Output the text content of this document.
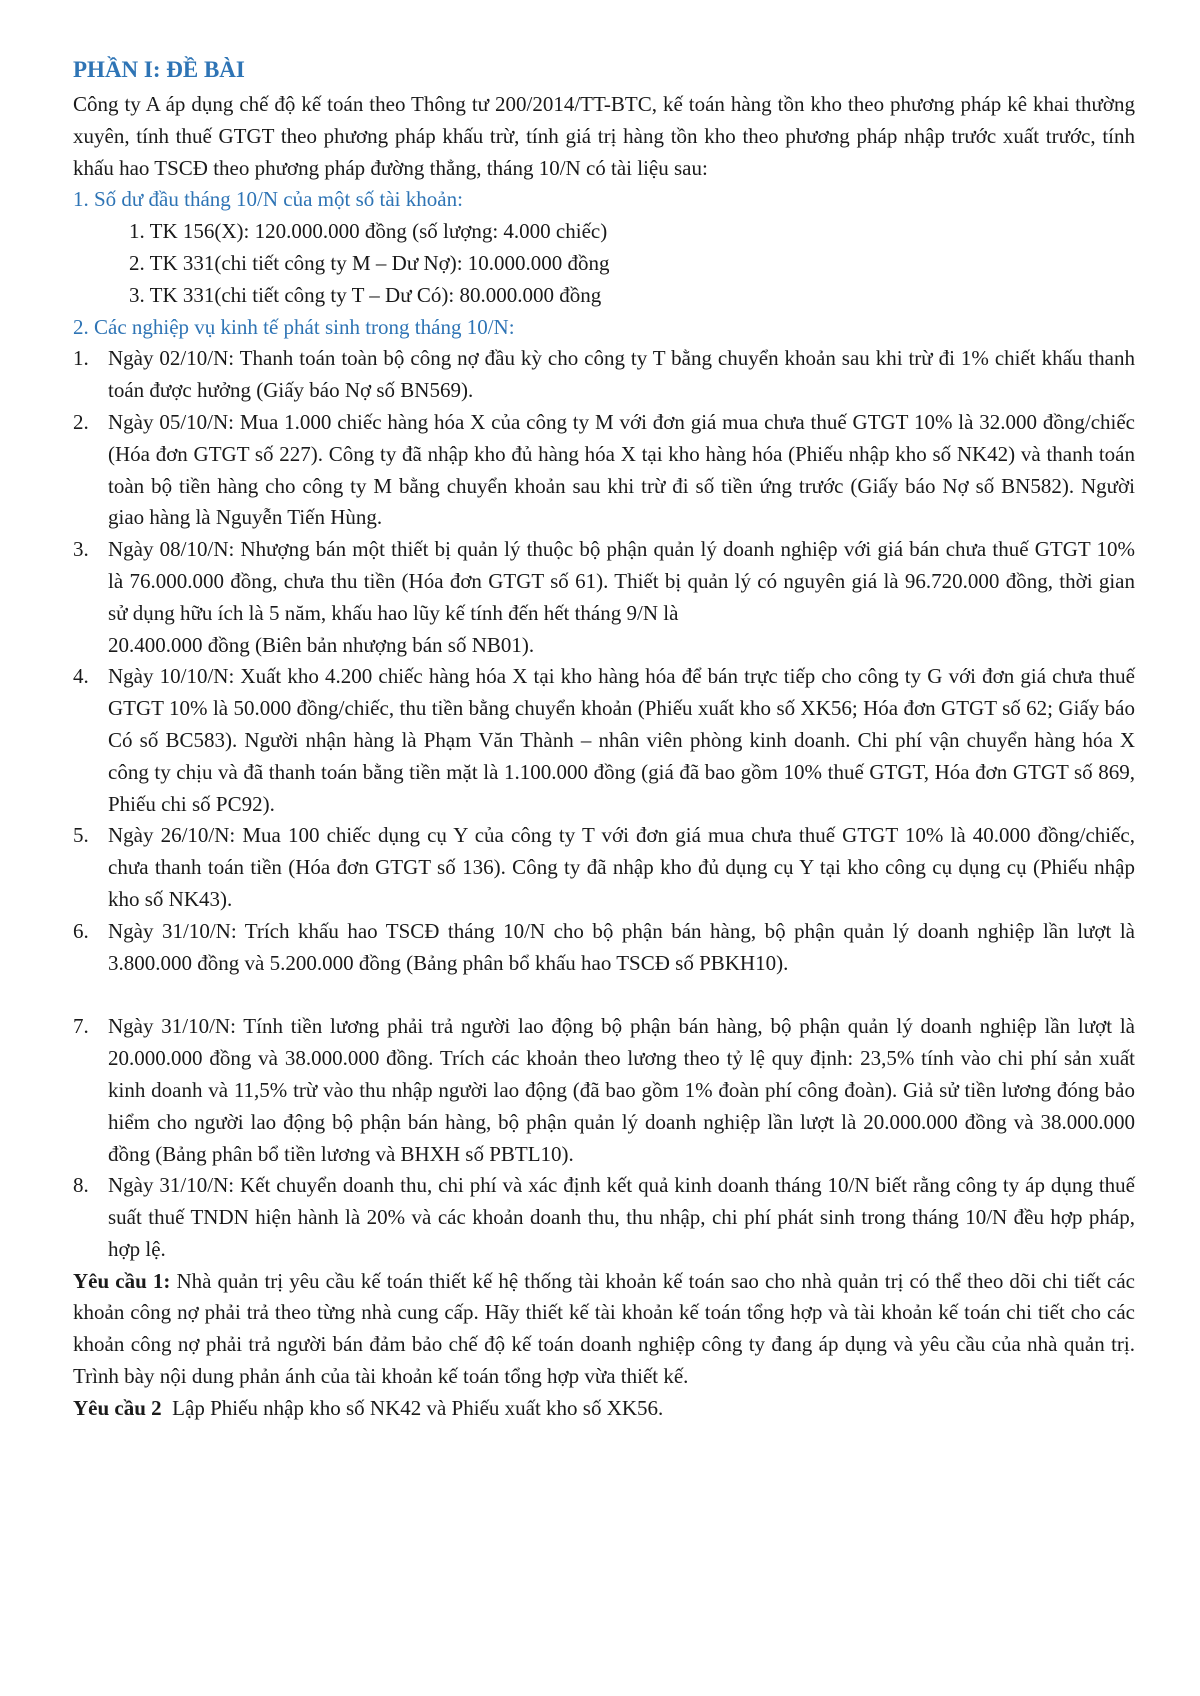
PHẦN I: ĐỀ BÀI

Công ty A áp dụng chế độ kế toán theo Thông tư 200/2014/TT-BTC, kế toán hàng tồn kho theo phương pháp kê khai thường xuyên, tính thuế GTGT theo phương pháp khấu trừ, tính giá trị hàng tồn kho theo phương pháp nhập trước xuất trước, tính khấu hao TSCĐ theo phương pháp đường thẳng, tháng 10/N có tài liệu sau:

1. Số dư đầu tháng 10/N của một số tài khoản:
1. TK 156(X): 120.000.000 đồng (số lượng: 4.000 chiếc)
2. TK 331(chi tiết công ty M – Dư Nợ): 10.000.000 đồng
3. TK 331(chi tiết công ty T – Dư Có): 80.000.000 đồng
2. Các nghiệp vụ kinh tế phát sinh trong tháng 10/N:
1. Ngày 02/10/N: Thanh toán toàn bộ công nợ đầu kỳ cho công ty T bằng chuyển khoản sau khi trừ đi 1% chiết khấu thanh toán được hưởng (Giấy báo Nợ số BN569).
2. Ngày 05/10/N: Mua 1.000 chiếc hàng hóa X của công ty M với đơn giá mua chưa thuế GTGT 10% là 32.000 đồng/chiếc (Hóa đơn GTGT số 227). Công ty đã nhập kho đủ hàng hóa X tại kho hàng hóa (Phiếu nhập kho số NK42) và thanh toán toàn bộ tiền hàng cho công ty M bằng chuyển khoản sau khi trừ đi số tiền ứng trước (Giấy báo Nợ số BN582). Người giao hàng là Nguyễn Tiến Hùng.
3. Ngày 08/10/N: Nhượng bán một thiết bị quản lý thuộc bộ phận quản lý doanh nghiệp với giá bán chưa thuế GTGT 10% là 76.000.000 đồng, chưa thu tiền (Hóa đơn GTGT số 61). Thiết bị quản lý có nguyên giá là 96.720.000 đồng, thời gian sử dụng hữu ích là 5 năm, khấu hao lũy kế tính đến hết tháng 9/N là
20.400.000 đồng (Biên bản nhượng bán số NB01).
4. Ngày 10/10/N: Xuất kho 4.200 chiếc hàng hóa X tại kho hàng hóa để bán trực tiếp cho công ty G với đơn giá chưa thuế GTGT 10% là 50.000 đồng/chiếc, thu tiền bằng chuyển khoản (Phiếu xuất kho số XK56; Hóa đơn GTGT số 62; Giấy báo Có số BC583). Người nhận hàng là Phạm Văn Thành – nhân viên phòng kinh doanh. Chi phí vận chuyển hàng hóa X công ty chịu và đã thanh toán bằng tiền mặt là 1.100.000 đồng (giá đã bao gồm 10% thuế GTGT, Hóa đơn GTGT số 869, Phiếu chi số PC92).
5. Ngày 26/10/N: Mua 100 chiếc dụng cụ Y của công ty T với đơn giá mua chưa thuế GTGT 10% là 40.000 đồng/chiếc, chưa thanh toán tiền (Hóa đơn GTGT số 136). Công ty đã nhập kho đủ dụng cụ Y tại kho công cụ dụng cụ (Phiếu nhập kho số NK43).
6. Ngày 31/10/N: Trích khấu hao TSCĐ tháng 10/N cho bộ phận bán hàng, bộ phận quản lý doanh nghiệp lần lượt là 3.800.000 đồng và 5.200.000 đồng (Bảng phân bổ khấu hao TSCĐ số PBKH10).
7. Ngày 31/10/N: Tính tiền lương phải trả người lao động bộ phận bán hàng, bộ phận quản lý doanh nghiệp lần lượt là 20.000.000 đồng và 38.000.000 đồng. Trích các khoản theo lương theo tỷ lệ quy định: 23,5% tính vào chi phí sản xuất kinh doanh và 11,5% trừ vào thu nhập người lao động (đã bao gồm 1% đoàn phí công đoàn). Giả sử tiền lương đóng bảo hiểm cho người lao động bộ phận bán hàng, bộ phận quản lý doanh nghiệp lần lượt là 20.000.000 đồng và 38.000.000 đồng (Bảng phân bổ tiền lương và BHXH số PBTL10).
8. Ngày 31/10/N: Kết chuyển doanh thu, chi phí và xác định kết quả kinh doanh tháng 10/N biết rằng công ty áp dụng thuế suất thuế TNDN hiện hành là 20% và các khoản doanh thu, thu nhập, chi phí phát sinh trong tháng 10/N đều hợp pháp, hợp lệ.

Yêu cầu 1: Nhà quản trị yêu cầu kế toán thiết kế hệ thống tài khoản kế toán sao cho nhà quản trị có thể theo dõi chi tiết các khoản công nợ phải trả theo từng nhà cung cấp. Hãy thiết kế tài khoản kế toán tổng hợp và tài khoản kế toán chi tiết cho các khoản công nợ phải trả người bán đảm bảo chế độ kế toán doanh nghiệp công ty đang áp dụng và yêu cầu của nhà quản trị. Trình bày nội dung phản ánh của tài khoản kế toán tổng hợp vừa thiết kế.

Yêu cầu 2  Lập Phiếu nhập kho số NK42 và Phiếu xuất kho số XK56.
